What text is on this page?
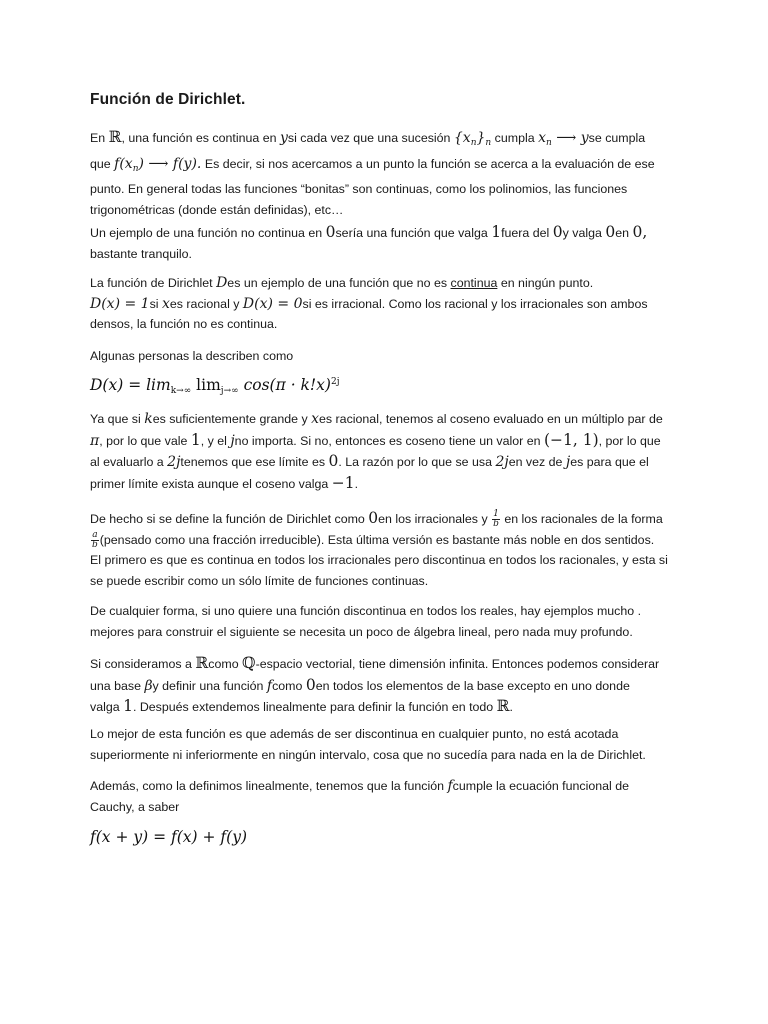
Función de Dirichlet.
En ℝ, una función es continua en ysi cada vez que una sucesión $\{x_n\}_n$ cumpla $x_n$ ⟶ yse cumpla
que $f(x_n)$ ⟶ f(y). Es decir, si nos acercamos a un punto la función se acerca a la evaluación de ese
punto. En general todas las funciones “bonitas” son continuas, como los polinomios, las funciones
trigonométricas (donde están definidas), etc…
Un ejemplo de una función no continua en 0sería una función que valga 1fuera del 0y valga 0en 0,
bastante tranquilo.
La función de Dirichlet Des un ejemplo de una función que no es continua en ningún punto.
D(x) = 1si xes racional y D(x) = 0si es irracional. Como los racional y los irracionales son ambos
densos, la función no es continua.
Algunas personas la describen como
$D(x) = \lim_{k\to\infty} \lim_{j\to\infty} \cos(\pi \cdot k!x)^{2j}$
Ya que si kes suficientemente grande y xes racional, tenemos al coseno evaluado en un múltiplo par de
π, por lo que vale 1, y el jno importa. Si no, entonces es coseno tiene un valor en (−1, 1), por lo que
al evaluarlo a 2jtenemos que ese límite es 0. La razón por lo que se usa 2jen vez de jes para que el
primer límite exista aunque el coseno valga −1.
De hecho si se define la función de Dirichlet como 0en los irracionales y $\frac{1}{b}$ en los racionales de la forma
$\frac{a}{b}$ (pensado como una fracción irreducible). Esta última versión es bastante más noble en dos sentidos.
El primero es que es continua en todos los irracionales pero discontinua en todos los racionales, y esta si
se puede escribir como un sólo límite de funciones continuas.
De cualquier forma, si uno quiere una función discontinua en todos los reales, hay ejemplos mucho .
mejores para construir el siguiente se necesita un poco de álgebra lineal, pero nada muy profundo.
Si consideramos a ℝcomo ℚ-espacio vectorial, tiene dimensión infinita. Entonces podemos considerar
una base βy definir una función fcomo 0en todos los elementos de la base excepto en uno donde
valga 1. Después extendemos linealmente para definir la función en todo ℝ.
Lo mejor de esta función es que además de ser discontinua en cualquier punto, no está acotada
superiormente ni inferiormente en ningún intervalo, cosa que no sucedía para nada en la de Dirichlet.
Además, como la definimos linealmente, tenemos que la función fcumple la ecuación funcional de
Cauchy, a saber
f(x + y) = f(x) + f(y)
